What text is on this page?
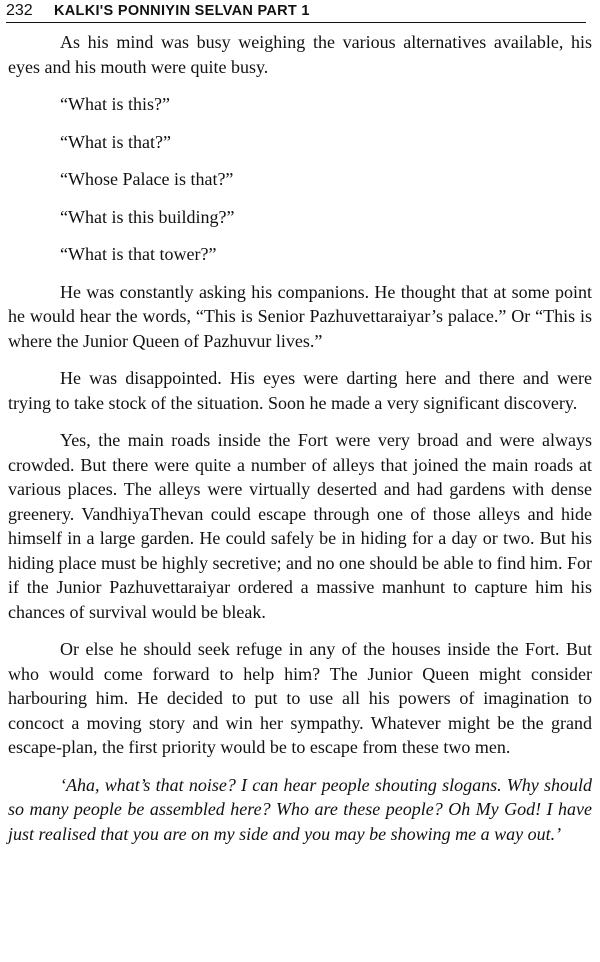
232 KALKI'S PONNIYIN SELVAN PART 1

As his mind was busy weighing the various alternatives available, his eyes and his mouth were quite busy.

“What is this?”

“What is that?”

“Whose Palace is that?”

“What is this building?”

“What is that tower?”

He was constantly asking his companions. He thought that at some point he would hear the words, “This is Senior Pazhuvettaraiyar’s palace.” Or “This is where the Junior Queen of Pazhuvur lives.”

He was disappointed. His eyes were darting here and there and were trying to take stock of the situation. Soon he made a very significant discovery.

Yes, the main roads inside the Fort were very broad and were always crowded. But there were quite a number of alleys that joined the main roads at various places. The alleys were virtually deserted and had gardens with dense greenery. VandhiyaThevan could escape through one of those alleys and hide himself in a large garden. He could safely be in hiding for a day or two. But his hiding place must be highly secretive; and no one should be able to find him. For if the Junior Pazhuvettaraiyar ordered a massive manhunt to capture him his chances of survival would be bleak.

Or else he should seek refuge in any of the houses inside the Fort. But who would come forward to help him? The Junior Queen might consider harbouring him. He decided to put to use all his powers of imagination to concoct a moving story and win her sympathy. Whatever might be the grand escape-plan, the first priority would be to escape from these two men.

‘Aha, what’s that noise? I can hear people shouting slogans. Why should so many people be assembled here? Who are these people? Oh My God! I have just realised that you are on my side and you may be showing me a way out.’
